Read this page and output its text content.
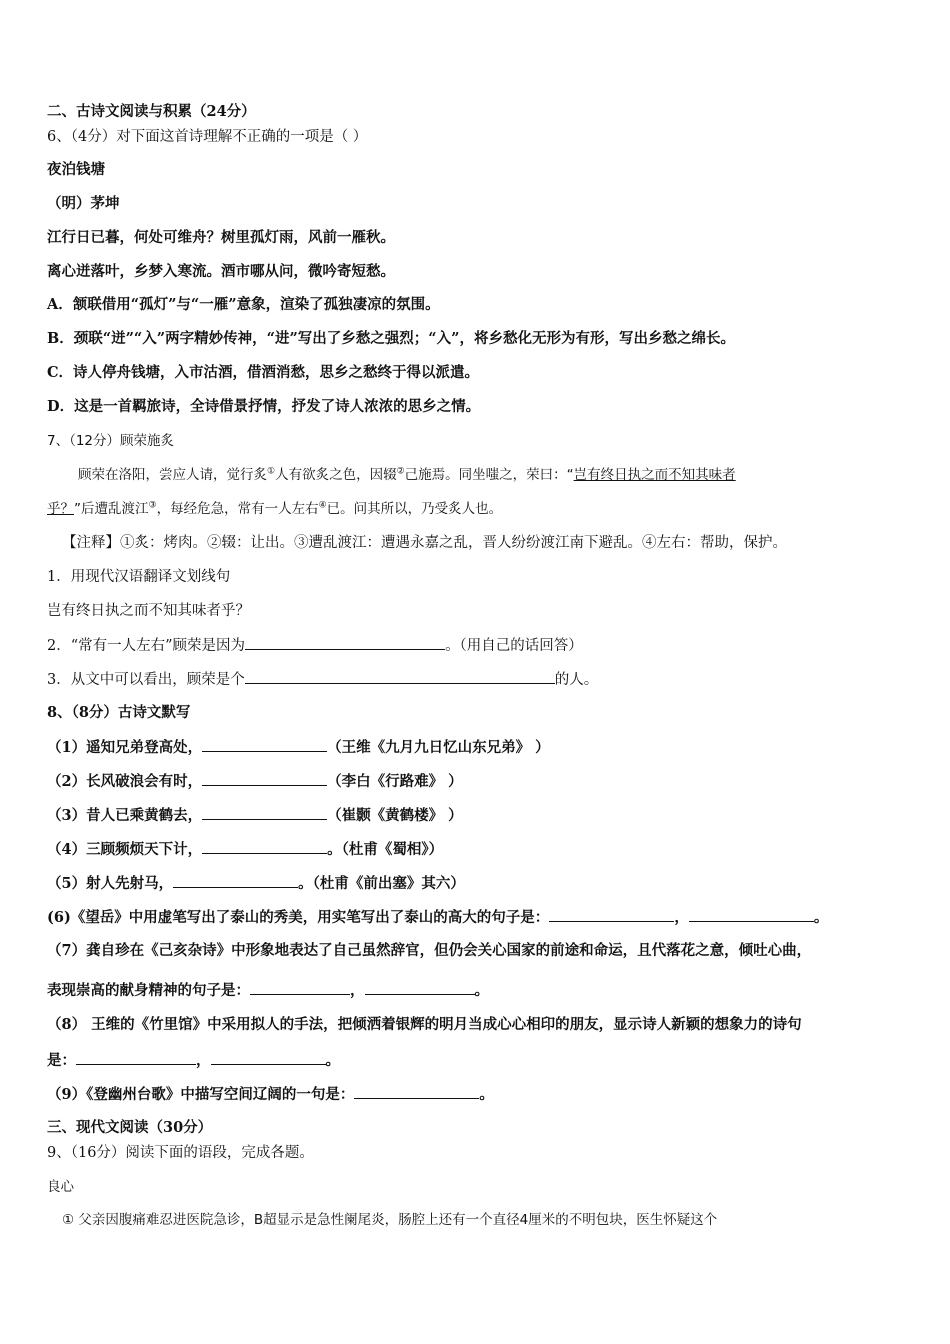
二、古诗文阅读与积累（24分）
6、（4分）对下面这首诗理解不正确的一项是（ ）
夜泊钱塘
（明）茅坤
江行日已暮，何处可维舟？树里孤灯雨，风前一雁秋。
离心迸落叶，乡梦入寒流。酒市哪从问，微吟寄短愁。
A．颔联借用“孤灯”与“一雁”意象，渲染了孤独凄凉的氛围。
B．颈联“迸”“入”两字精妙传神，“进”写出了乡愁之强烈；“入”，将乡愁化无形为有形，写出乡愁之绵长。
C．诗人停舟钱塘，入市沽酒，借酒消愁，思乡之愁终于得以派遣。
D．这是一首羁旅诗，全诗借景抒情，抒发了诗人浓浓的思乡之情。
7、（12分）顾荣施炙
顾荣在洛阳，尝应人请，觉行炙①人有欲炙之色，因辍②己施焉。同坐嗤之，荣曰：“岂有终日执之而不知其味者
乎？”后遭乱渡江③，每经危急，常有一人左右④已。问其所以，乃受炙人也。
【注释】①炙：烤肉。②辍：让出。③遭乱渡江：遭遇永嘉之乱，晋人纷纷渡江南下避乱。④左右：帮助，保护。
1．用现代汉语翻译文划线句
岂有终日执之而不知其味者乎？
2．“常有一人左右”顾荣是因为	。（用自己的话回答）
3．从文中可以看出，顾荣是个	的人。
8、（8分）古诗文默写
（1）遥知兄弟登高处，	（王维《九月九日忆山东兄弟》 ）
（2）长风破浪会有时，	（李白《行路难》 ）
（3）昔人已乘黄鹤去，	（崔颢《黄鹤楼》 ）
（4）三顾频烦天下计，	。（杜甫《蜀相》）
（5）射人先射马，	。（杜甫《前出塞》其六）
(6)《望岳》中用虚笔写出了泰山的秀美，用实笔写出了泰山的高大的句子是：	，	。
（7）龚自珍在《己亥杂诗》中形象地表达了自己虽然辞官，但仍会关心国家的前途和命运，且代落花之意，倾吐心曲，
表现崇高的献身精神的句子是：	，	。
（8） 王维的《竹里馆》中采用拟人的手法，把倾洒着银辉的明月当成心心相印的朋友，显示诗人新颖的想象力的诗句
是：	，	。
（9）《登幽州台歌》中描写空间辽阔的一句是：	。
三、现代文阅读（30分）
9、（16分）阅读下面的语段，完成各题。
良心
① 父亲因腹痛难忍进医院急诊，B超显示是急性阑尾炎，肠腔上还有一个直径4厘米的不明包块，医生怀疑这个
